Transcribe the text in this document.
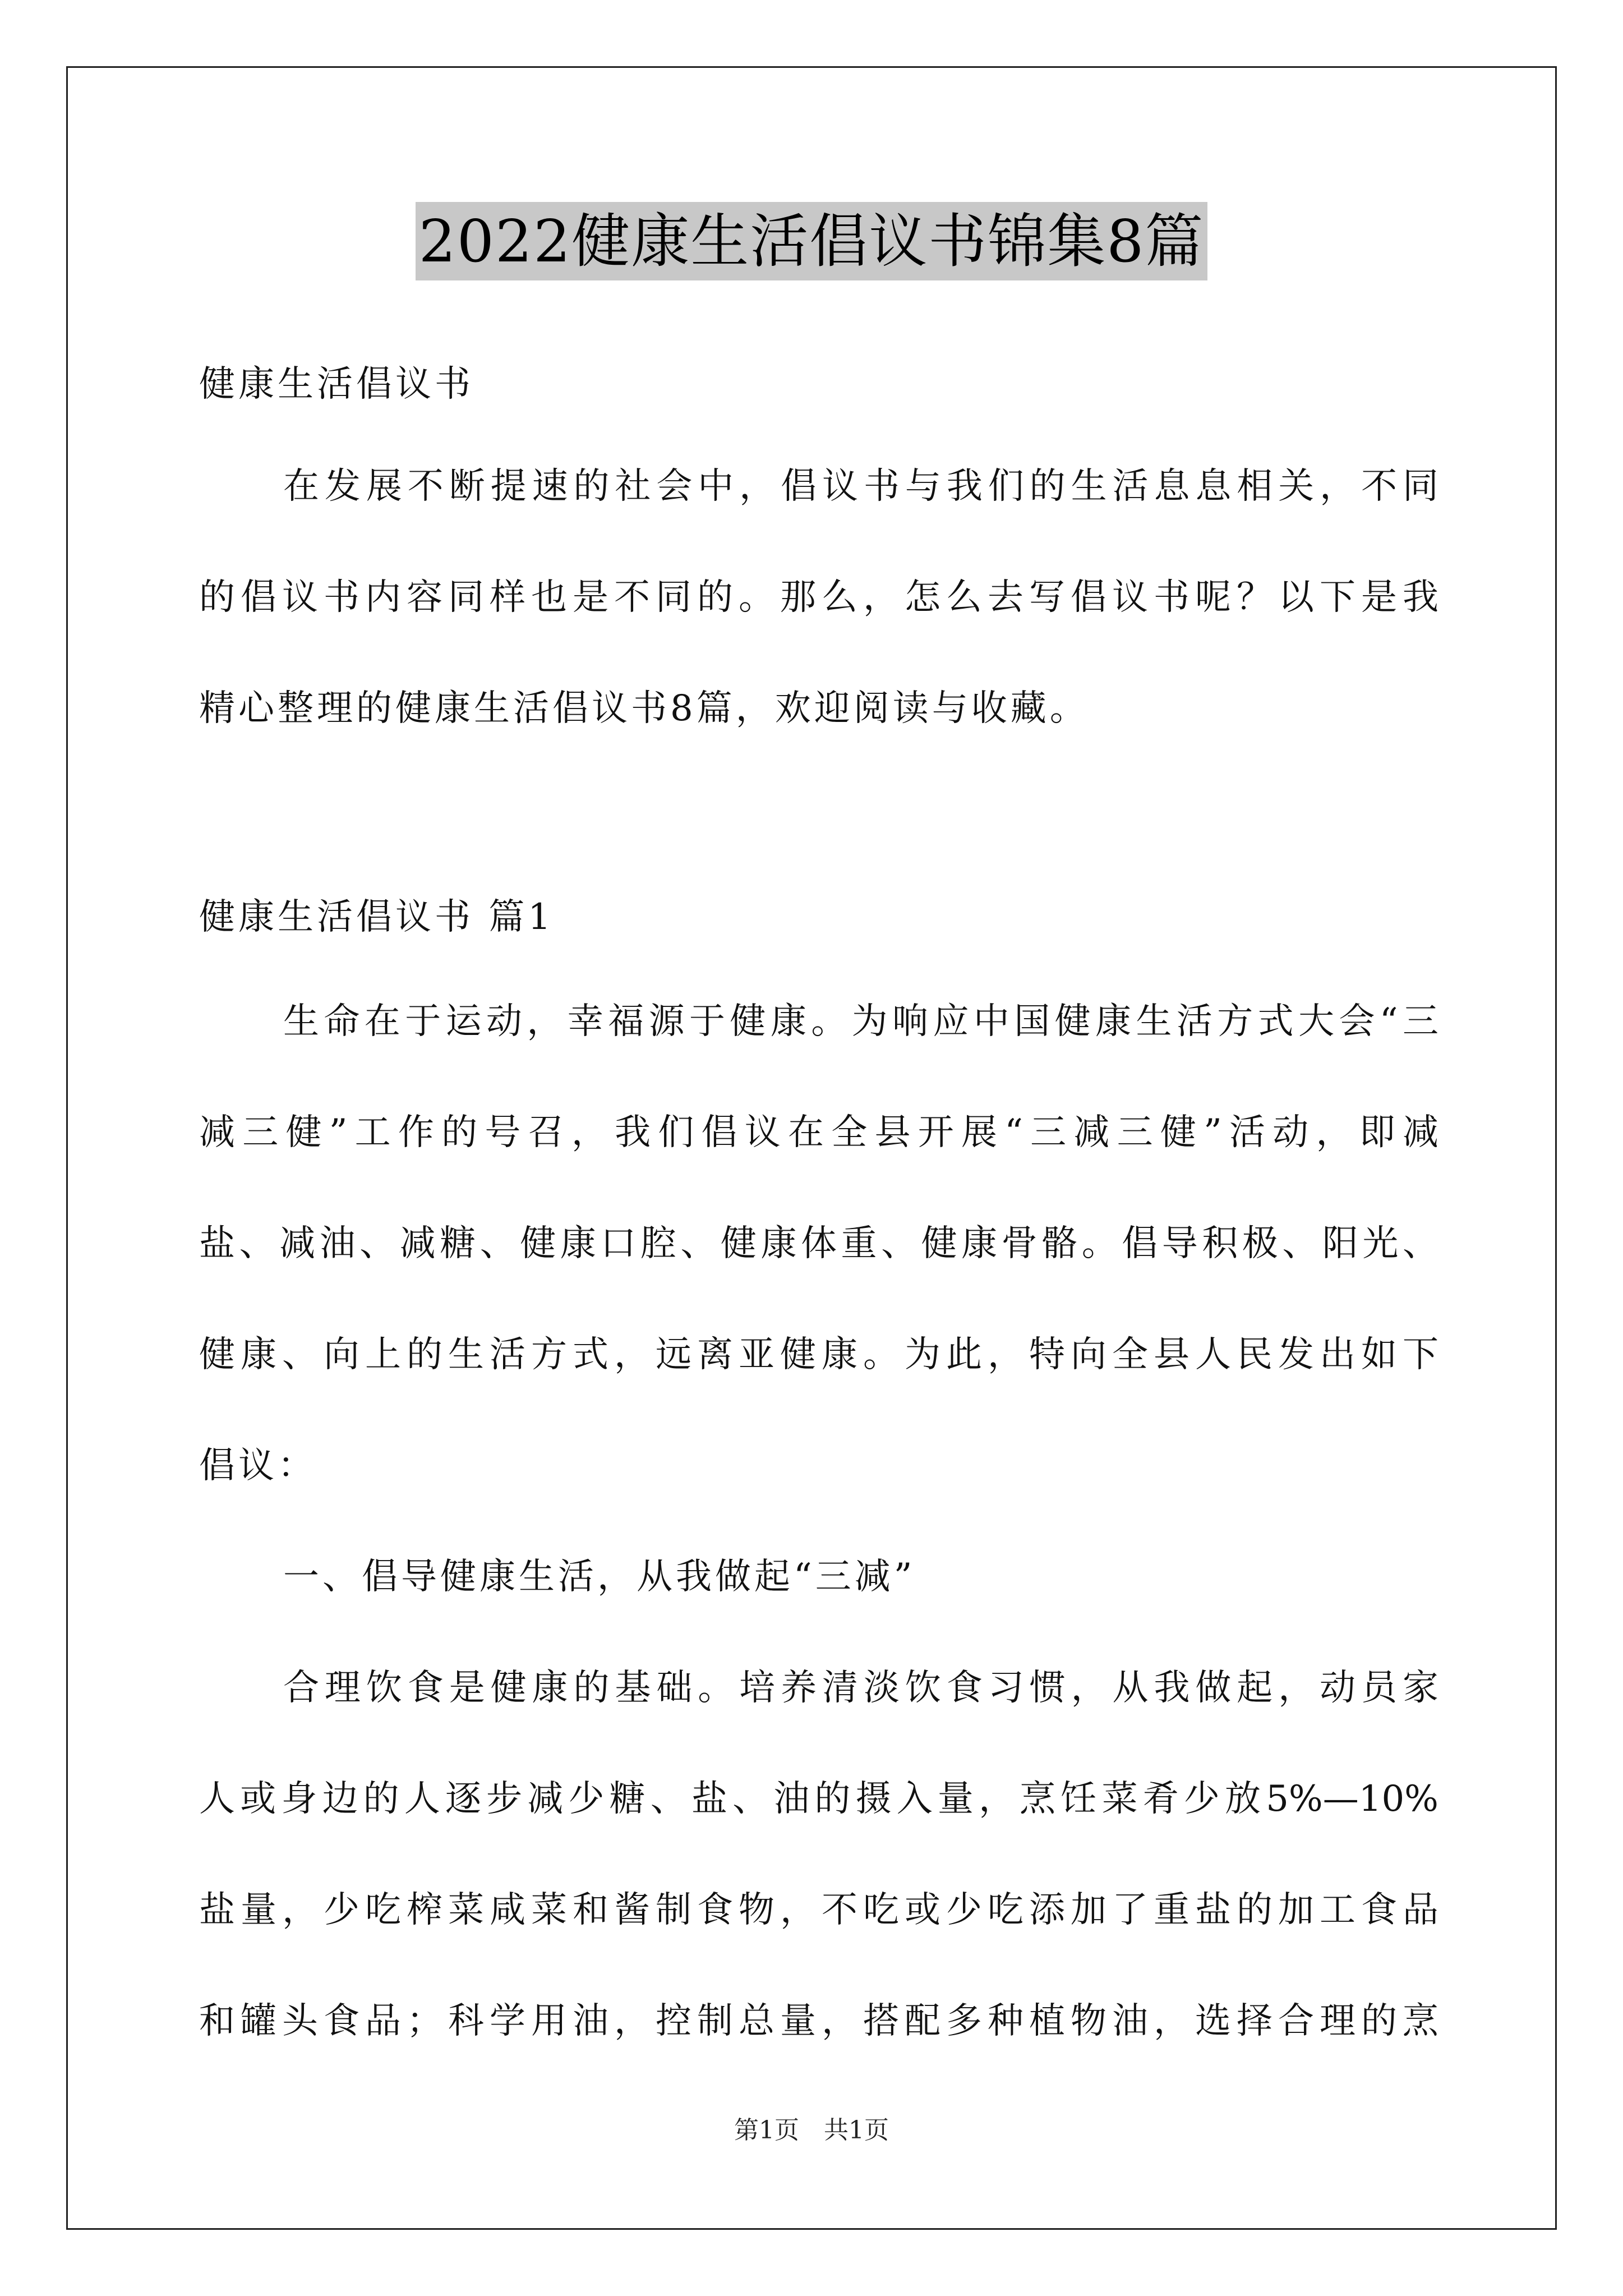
2022健康生活倡议书锦集8篇
健康生活倡议书
在发展不断提速的社会中，倡议书与我们的生活息息相关，不同
的倡议书内容同样也是不同的。那么，怎么去写倡议书呢？以下是我
精心整理的健康生活倡议书8篇，欢迎阅读与收藏。
健康生活倡议书 篇1
生命在于运动，幸福源于健康。为响应中国健康生活方式大会“三
减三健”工作的号召，我们倡议在全县开展“三减三健”活动，即减
盐、减油、减糖、健康口腔、健康体重、健康骨骼。倡导积极、阳光、
健康、向上的生活方式，远离亚健康。为此，特向全县人民发出如下
倡议：
一、倡导健康生活，从我做起“三减”
合理饮食是健康的基础。培养清淡饮食习惯，从我做起，动员家
人或身边的人逐步减少糖、盐、油的摄入量，烹饪菜肴少放5%—10%
盐量，少吃榨菜咸菜和酱制食物，不吃或少吃添加了重盐的加工食品
和罐头食品；科学用油，控制总量，搭配多种植物油，选择合理的烹
第1页　共1页
